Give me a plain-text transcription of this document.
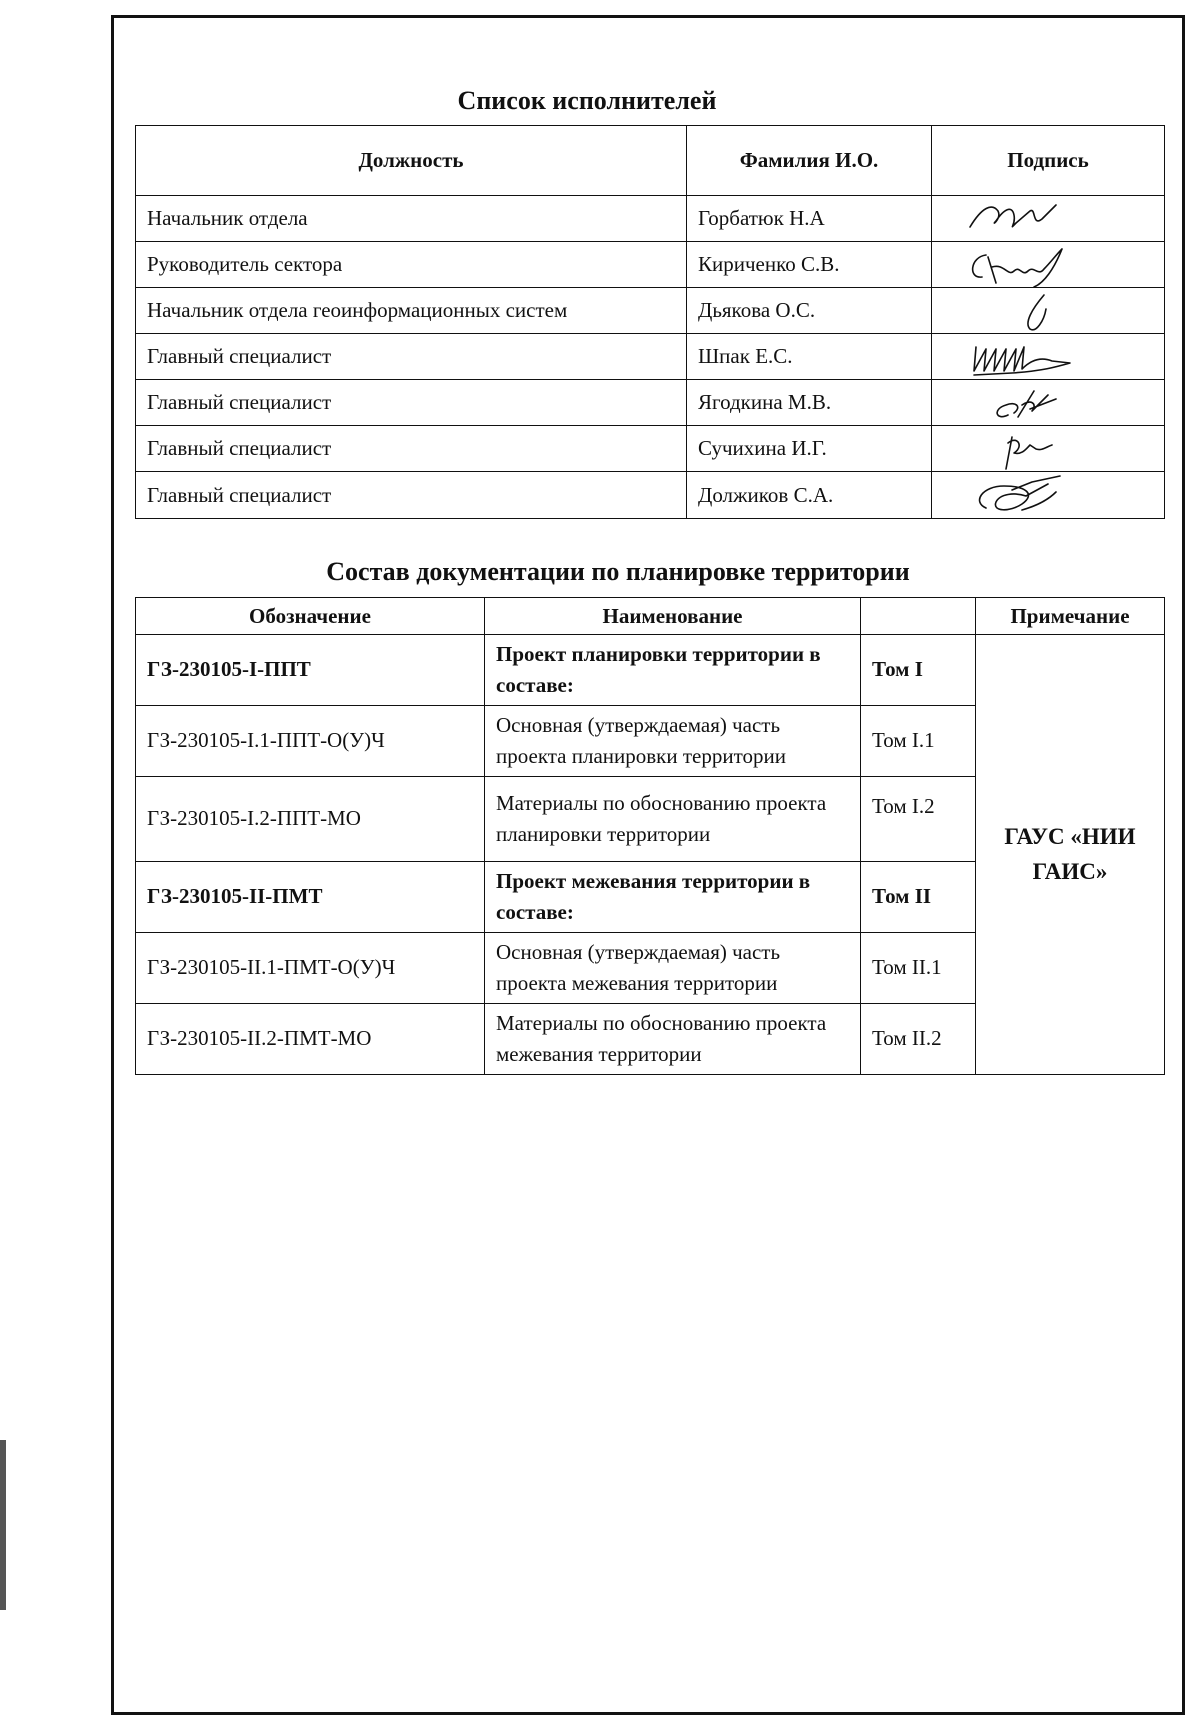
Список исполнителей
Должность	Фамилия И.О.	Подпись
Начальник отдела	Горбатюк Н.А	

Руководитель сектора	Кириченко С.В.	

Начальник отдела геоинформационных систем	Дьякова О.С.	

Главный специалист	Шпак Е.С.	

Главный специалист	Ягодкина М.В.	

Главный специалист	Сучихина И.Г.	

Главный специалист	Должиков С.А.	
Состав документации по планировке территории
Обозначение	Наименование		Примечание
ГЗ-230105-I-ППТ	Проект планировки территории в составе:	Том I	ГАУС «НИИ ГАИС»
ГЗ-230105-I.1-ППТ-О(У)Ч	Основная (утверждаемая) часть проекта планировки территории	Том I.1	
ГЗ-230105-I.2-ППТ-МО	Материалы по обоснованию проекта планировки территории	Том I.2	
ГЗ-230105-II-ПМТ	Проект межевания территории в составе:	Том II	
ГЗ-230105-II.1-ПМТ-О(У)Ч	Основная (утверждаемая) часть проекта межевания территории	Том II.1	
ГЗ-230105-II.2-ПМТ-МО	Материалы по обоснованию проекта межевания территории	Том II.2	
